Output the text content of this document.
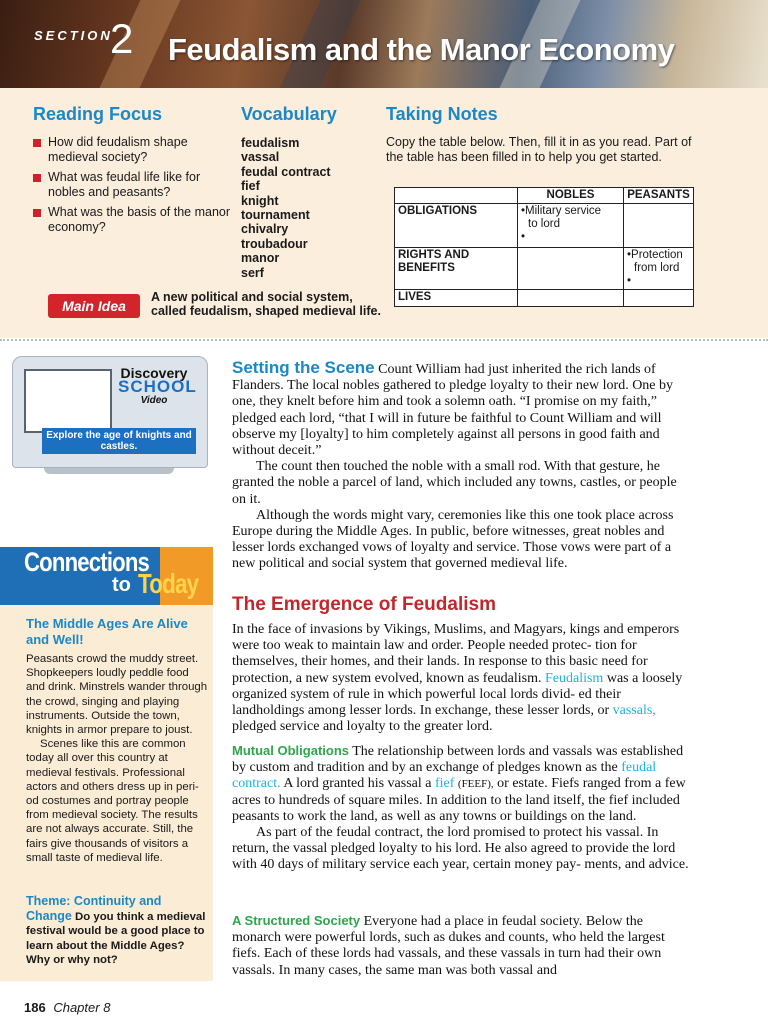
SECTION
2 Feudalism and the Manor Economy
Reading Focus
How did feudalism shape medieval society?
What was feudal life like for nobles and peasants?
What was the basis of the manor economy?
Vocabulary
feudalism
vassal
feudal contract
fief
knight
tournament
chivalry
troubadour
manor
serf
Taking Notes
Copy the table below. Then, fill it in as you read. Part of the table has been filled in to help you get started.
	NOBLES	PEASANTS
OBLIGATIONS	•Military service
to lord
•	

RIGHTS AND BENEFITS		•Protection
from lord
•

LIVES		
Main Idea
A new political and social system, called feudalism, shaped medieval life.
Discovery
SCHOOL
Video
Explore the age of knights and castles.
Connections
to Today
The Middle Ages Are Alive and Well!

Peasants crowd the muddy street. Shopkeepers loudly peddle food and drink. Minstrels wander through the crowd, singing and playing instruments. Outside the town, knights in armor prepare to joust.

Scenes like this are common today all over this country at medieval festivals. Professional actors and others dress up in peri- od costumes and portray people from medieval society. The results are not always accurate. Still, the fairs give thousands of visitors a small taste of medieval life.

Theme: Continuity and Change Do you think a medieval festival would be a good place to learn about the Middle Ages? Why or why not?

Setting the Scene Count William had just inherited the rich lands of Flanders. The local nobles gathered to pledge loyalty to their new lord. One by one, they knelt before him and took a solemn oath. “I promise on my faith,” pledged each lord, “that I will in future be faithful to Count William and will observe my [loyalty] to him completely against all persons in good faith and without deceit.”

The count then touched the noble with a small rod. With that gesture, he granted the noble a parcel of land, which included any towns, castles, or people on it.

Although the words might vary, ceremonies like this one took place across Europe during the Middle Ages. In public, before witnesses, great nobles and lesser lords exchanged vows of loyalty and service. Those vows were part of a new political and social system that governed medieval life.

The Emergence of Feudalism

In the face of invasions by Vikings, Muslims, and Magyars, kings and emperors were too weak to maintain law and order. People needed protec- tion for themselves, their homes, and their lands. In response to this basic need for protection, a new system evolved, known as feudalism. Feudalism was a loosely organized system of rule in which powerful local lords divid- ed their landholdings among lesser lords. In exchange, these lesser lords, or vassals, pledged service and loyalty to the greater lord.

Mutual Obligations The relationship between lords and vassals was established by custom and tradition and by an exchange of pledges known as the feudal contract. A lord granted his vassal a fief (FEEF), or estate. Fiefs ranged from a few acres to hundreds of square miles. In addition to the land itself, the fief included peasants to work the land, as well as any towns or buildings on the land.

As part of the feudal contract, the lord promised to protect his vassal. In return, the vassal pledged loyalty to his lord. He also agreed to provide the lord with 40 days of military service each year, certain money pay- ments, and advice.

A Structured Society Everyone had a place in feudal society. Below the monarch were powerful lords, such as dukes and counts, who held the largest fiefs. Each of these lords had vassals, and these vassals in turn had their own vassals. In many cases, the same man was both vassal and

186 Chapter 8
